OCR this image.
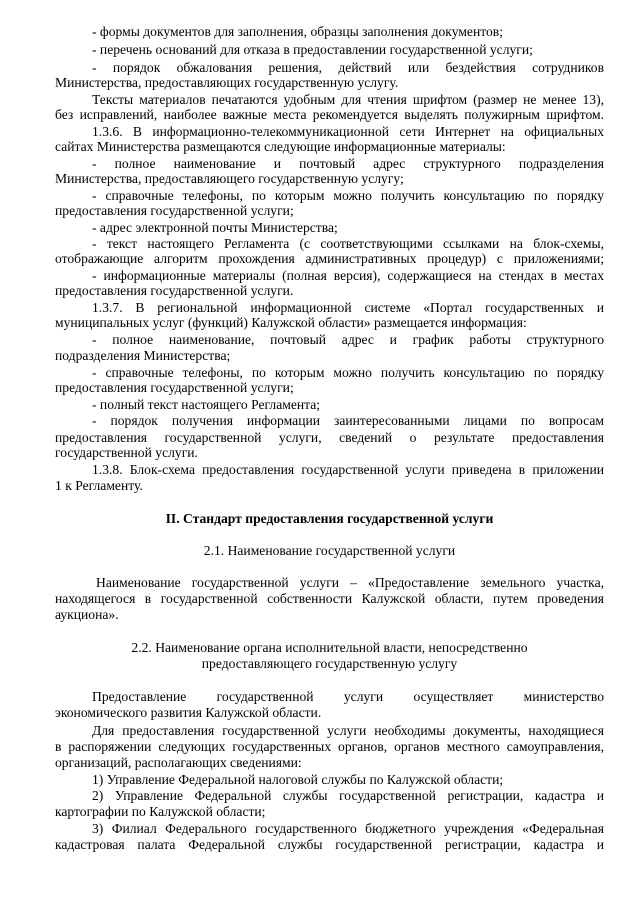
- формы документов для заполнения, образцы заполнения документов;
- перечень оснований для отказа в предоставлении государственной услуги;
- порядок обжалования решения, действий или бездействия сотрудников
Министерства, предоставляющих государственную услугу.
Тексты материалов печатаются удобным для чтения шрифтом (размер не менее 13),
без исправлений, наиболее важные места рекомендуется выделять полужирным шрифтом.
1.3.6. В информационно-телекоммуникационной сети Интернет на официальных
сайтах Министерства размещаются следующие информационные материалы:
- полное наименование и почтовый адрес структурного подразделения
Министерства, предоставляющего государственную услугу;
- справочные телефоны, по которым можно получить консультацию по порядку
предоставления государственной услуги;
- адрес электронной почты Министерства;
- текст настоящего Регламента (с соответствующими ссылками на блок-схемы,
отображающие алгоритм прохождения административных процедур) с приложениями;
- информационные материалы (полная версия), содержащиеся на стендах в местах
предоставления государственной услуги.
1.3.7. В региональной информационной системе «Портал государственных и
муниципальных услуг (функций) Калужской области» размещается информация:
- полное наименование, почтовый адрес и график работы структурного
подразделения Министерства;
- справочные телефоны, по которым можно получить консультацию по порядку
предоставления государственной услуги;
- полный текст настоящего Регламента;
- порядок получения информации заинтересованными лицами по вопросам
предоставления государственной услуги, сведений о результате предоставления
государственной услуги.
1.3.8. Блок-схема предоставления государственной услуги приведена в приложении
1 к Регламенту.
II. Стандарт предоставления государственной услуги
2.1. Наименование государственной услуги
Наименование государственной услуги – «Предоставление земельного участка,
находящегося в государственной собственности Калужской области, путем проведения
аукциона».
2.2. Наименование органа исполнительной власти, непосредственно
предоставляющего государственную услугу
Предоставление государственной услуги осуществляет министерство
экономического развития Калужской области.
Для предоставления государственной услуги необходимы документы, находящиеся
в распоряжении следующих государственных органов, органов местного самоуправления,
организаций, располагающих сведениями:
1) Управление Федеральной налоговой службы по Калужской области;
2) Управление Федеральной службы государственной регистрации, кадастра и
картографии по Калужской области;
3) Филиал Федерального государственного бюджетного учреждения «Федеральная
кадастровая палата Федеральной службы государственной регистрации, кадастра и
